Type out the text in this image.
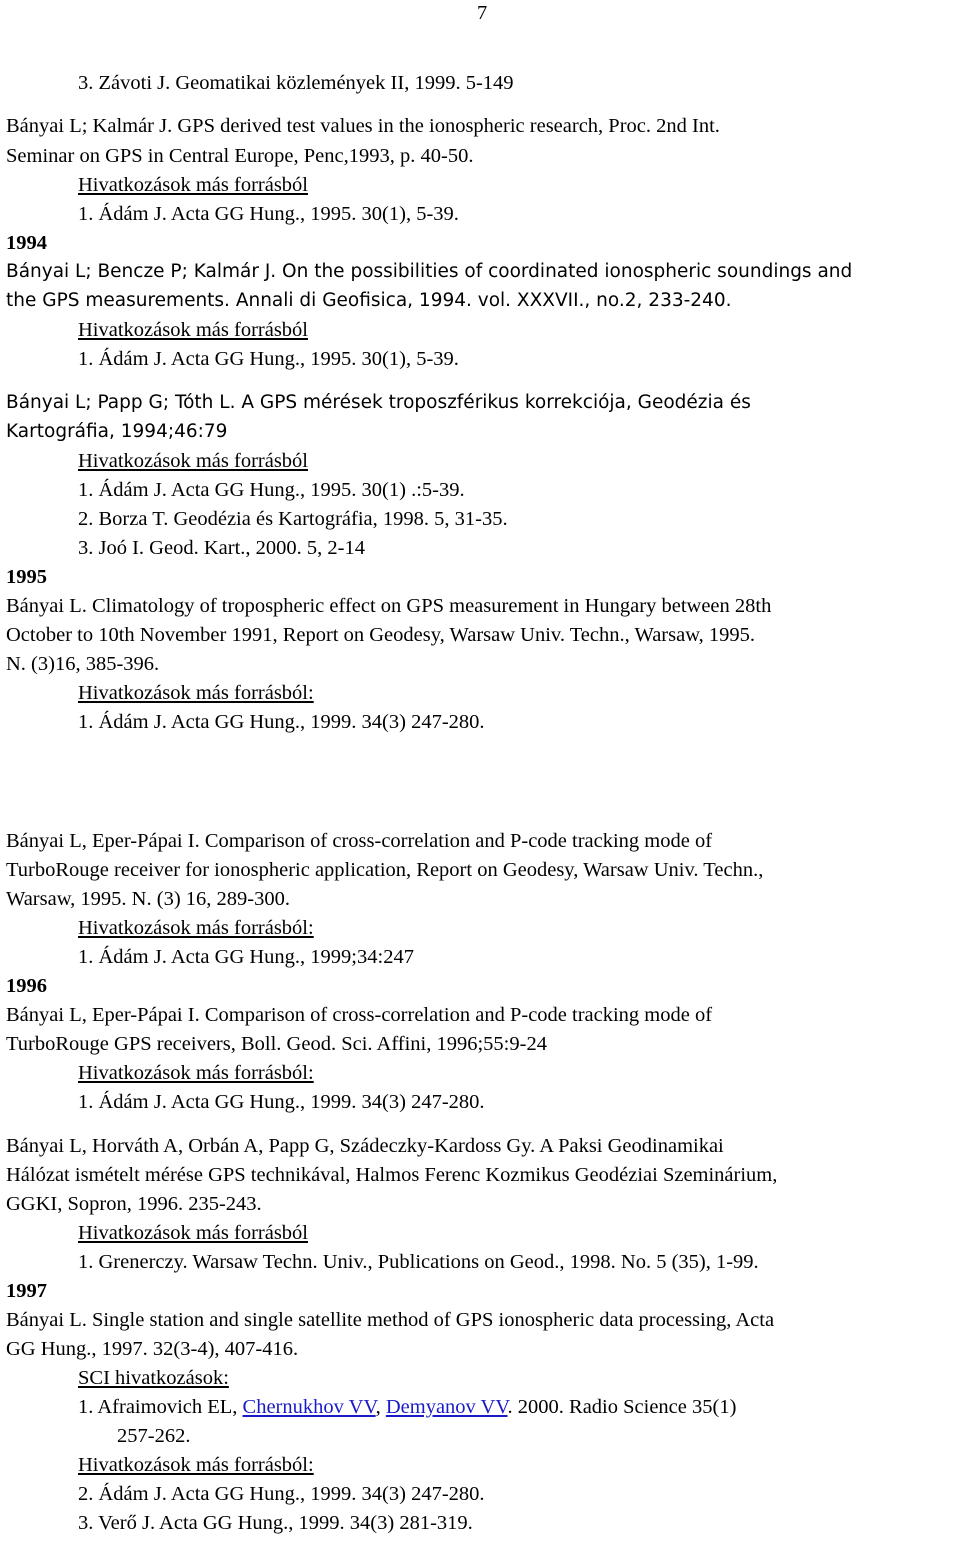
7
3. Závoti J. Geomatikai közlemények II, 1999. 5-149
Bányai L; Kalmár J. GPS derived test values in the ionospheric research, Proc. 2nd Int.
Seminar on GPS in Central Europe, Penc,1993, p. 40-50.
Hivatkozások más forrásból
1. Ádám J. Acta GG Hung., 1995. 30(1), 5-39.
1994
Bányai L; Bencze P; Kalmár J. On the possibilities of coordinated ionospheric soundings and
the GPS measurements. Annali di Geofisica, 1994. vol. XXXVII., no.2, 233-240.
Hivatkozások más forrásból
1. Ádám J. Acta GG Hung., 1995. 30(1), 5-39.
Bányai L; Papp G; Tóth L. A GPS mérések troposzférikus korrekciója, Geodézia és
Kartográfia, 1994;46:79
Hivatkozások más forrásból
1. Ádám J. Acta GG Hung., 1995. 30(1) .:5-39.
2. Borza T. Geodézia és Kartográfia, 1998. 5, 31-35.
3. Joó I. Geod. Kart., 2000. 5, 2-14
1995
Bányai L. Climatology of tropospheric effect on GPS measurement in Hungary between 28th
October to 10th November 1991, Report on Geodesy, Warsaw Univ. Techn., Warsaw, 1995.
N. (3)16, 385-396.
Hivatkozások más forrásból:
1. Ádám J. Acta GG Hung., 1999. 34(3) 247-280.
Bányai L, Eper-Pápai I. Comparison of cross-correlation and P-code tracking mode of
TurboRouge receiver for ionospheric application, Report on Geodesy, Warsaw Univ. Techn.,
Warsaw, 1995. N. (3) 16, 289-300.
Hivatkozások más forrásból:
1. Ádám J. Acta GG Hung., 1999;34:247
1996
Bányai L, Eper-Pápai I. Comparison of cross-correlation and P-code tracking mode of
TurboRouge GPS receivers, Boll. Geod. Sci. Affini, 1996;55:9-24
Hivatkozások más forrásból:
1. Ádám J. Acta GG Hung., 1999. 34(3) 247-280.
Bányai L, Horváth A, Orbán A, Papp G, Szádeczky-Kardoss Gy. A Paksi Geodinamikai
Hálózat ismételt mérése GPS technikával, Halmos Ferenc Kozmikus Geodéziai Szeminárium,
GGKI, Sopron, 1996. 235-243.
Hivatkozások más forrásból
1. Grenerczy. Warsaw Techn. Univ., Publications on Geod., 1998. No. 5 (35), 1-99.
1997
Bányai L. Single station and single satellite method of GPS ionospheric data processing, Acta
GG Hung., 1997. 32(3-4), 407-416.
SCI hivatkozások:
1. Afraimovich EL, Chernukhov VV, Demyanov VV. 2000. Radio Science 35(1)
257-262.
Hivatkozások más forrásból:
2. Ádám J. Acta GG Hung., 1999. 34(3) 247-280.
3. Verő J. Acta GG Hung., 1999. 34(3) 281-319.
